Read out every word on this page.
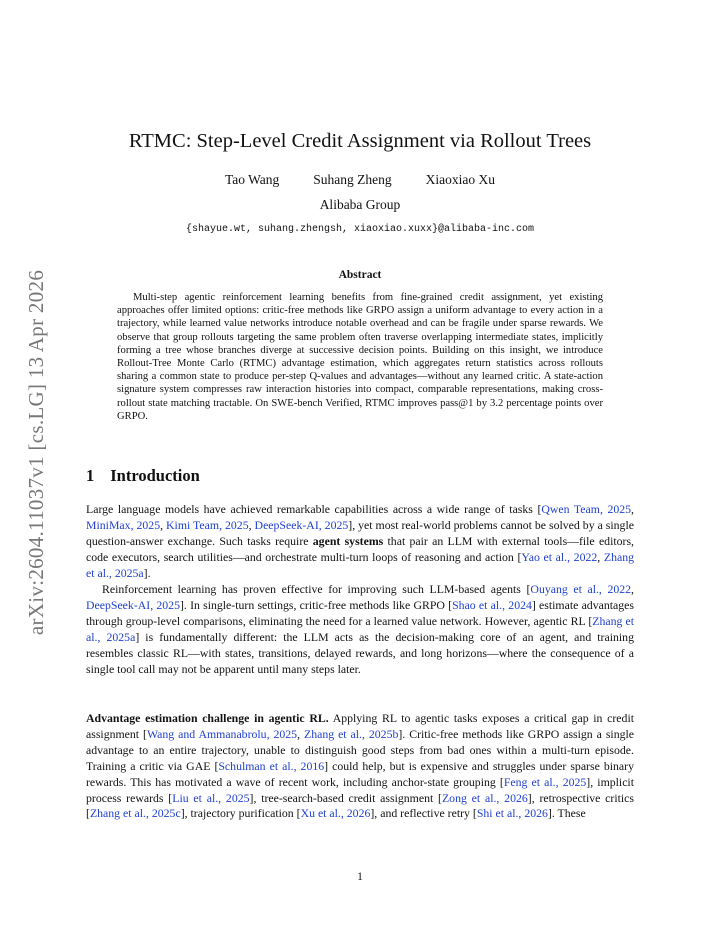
arXiv:2604.11037v1 [cs.LG] 13 Apr 2026
RTMC: Step-Level Credit Assignment via Rollout Trees
Tao Wang	Suhang Zheng	Xiaoxiao Xu
Alibaba Group
{shayue.wt, suhang.zhengsh, xiaoxiao.xuxx}@alibaba-inc.com
Abstract

Multi-step agentic reinforcement learning benefits from fine-grained credit assignment, yet existing approaches offer limited options: critic-free methods like GRPO assign a uniform advantage to every action in a trajectory, while learned value networks introduce notable overhead and can be fragile under sparse rewards. We observe that group rollouts targeting the same problem often traverse overlapping intermediate states, implicitly forming a tree whose branches diverge at successive decision points. Building on this insight, we introduce Rollout-Tree Monte Carlo (RTMC) advantage estimation, which aggregates return statistics across rollouts sharing a common state to produce per-step Q-values and advantages—without any learned critic. A state-action signature system compresses raw interaction histories into compact, comparable representations, making cross-rollout state matching tractable. On SWE-bench Verified, RTMC improves pass@1 by 3.2 percentage points over GRPO.

1 Introduction

Large language models have achieved remarkable capabilities across a wide range of tasks [Qwen Team, 2025, MiniMax, 2025, Kimi Team, 2025, DeepSeek-AI, 2025], yet most real-world problems cannot be solved by a single question-answer exchange. Such tasks require agent systems that pair an LLM with external tools—file editors, code executors, search utilities—and orchestrate multi-turn loops of reasoning and action [Yao et al., 2022, Zhang et al., 2025a].

Reinforcement learning has proven effective for improving such LLM-based agents [Ouyang et al., 2022, DeepSeek-AI, 2025]. In single-turn settings, critic-free methods like GRPO [Shao et al., 2024] estimate advantages through group-level comparisons, eliminating the need for a learned value network. However, agentic RL [Zhang et al., 2025a] is fundamentally different: the LLM acts as the decision-making core of an agent, and training resembles classic RL—with states, transitions, delayed rewards, and long horizons—where the consequence of a single tool call may not be apparent until many steps later.

Advantage estimation challenge in agentic RL. Applying RL to agentic tasks exposes a critical gap in credit assignment [Wang and Ammanabrolu, 2025, Zhang et al., 2025b]. Critic-free methods like GRPO assign a single advantage to an entire trajectory, unable to distinguish good steps from bad ones within a multi-turn episode. Training a critic via GAE [Schulman et al., 2016] could help, but is expensive and struggles under sparse binary rewards. This has motivated a wave of recent work, including anchor-state grouping [Feng et al., 2025], implicit process rewards [Liu et al., 2025], tree-search-based credit assignment [Zong et al., 2026], retrospective critics [Zhang et al., 2025c], trajectory purification [Xu et al., 2026], and reflective retry [Shi et al., 2026]. These

1
